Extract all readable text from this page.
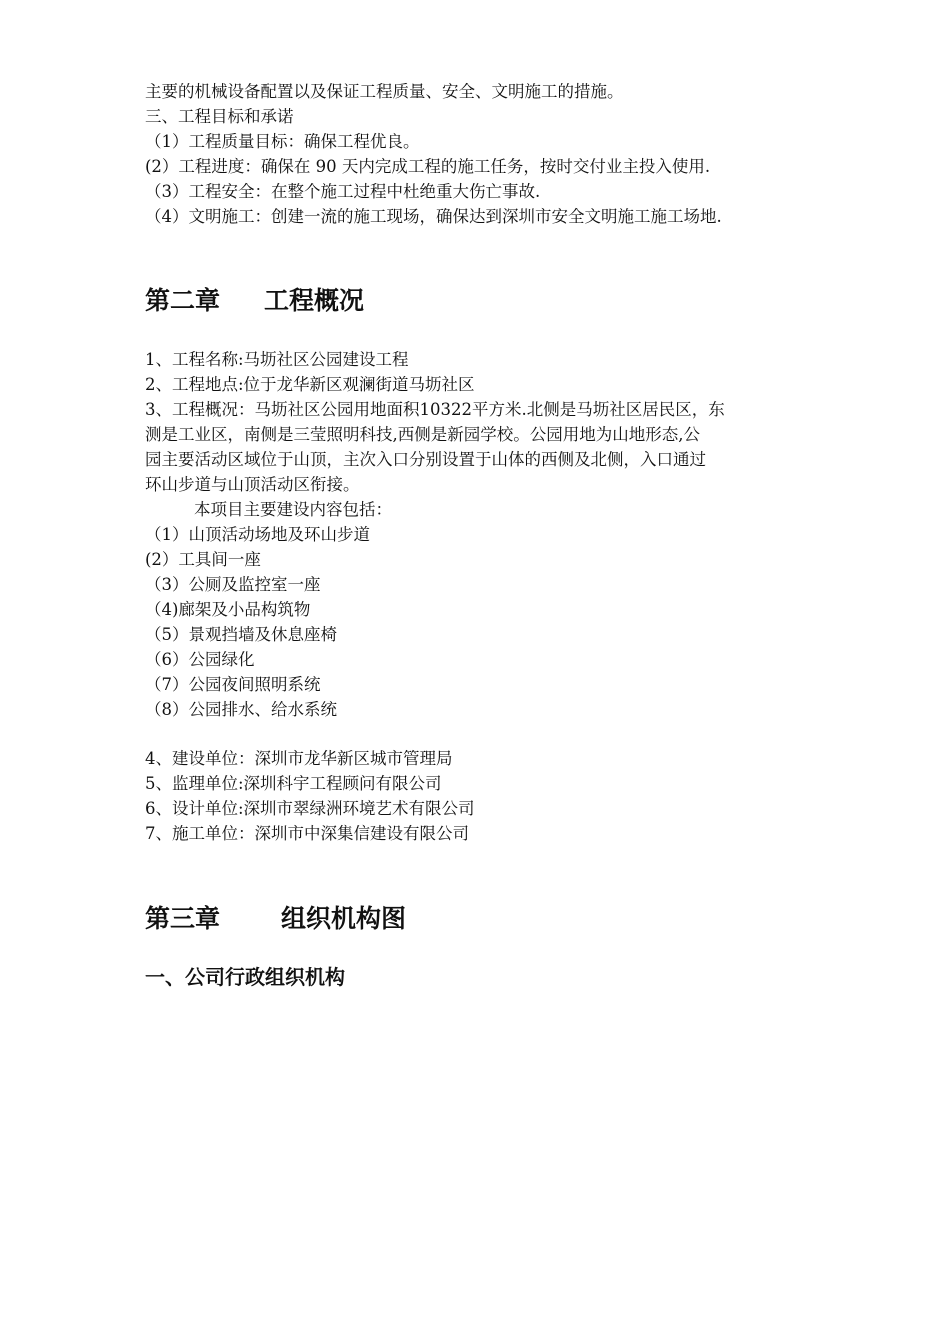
主要的机械设备配置以及保证工程质量、安全、文明施工的措施。
三、工程目标和承诺
（1）工程质量目标：确保工程优良。
(2）工程进度：确保在 90 天内完成工程的施工任务，按时交付业主投入使用.
（3）工程安全：在整个施工过程中杜绝重大伤亡事故.
（4）文明施工：创建一流的施工现场，确保达到深圳市安全文明施工施工场地.
第二章 工程概况
1、工程名称:马坜社区公园建设工程
2、工程地点:位于龙华新区观澜街道马坜社区
3、工程概况：马坜社区公园用地面积10322平方米.北侧是马坜社区居民区，东
测是工业区，南侧是三莹照明科技,西侧是新园学校。公园用地为山地形态,公
园主要活动区域位于山顶，主次入口分别设置于山体的西侧及北侧，入口通过
环山步道与山顶活动区衔接。
本项目主要建设内容包括：
（1）山顶活动场地及环山步道
(2）工具间一座
（3）公厕及监控室一座
（4)廊架及小品构筑物
（5）景观挡墙及休息座椅
（6）公园绿化
（7）公园夜间照明系统
（8）公园排水、给水系统
4、建设单位：深圳市龙华新区城市管理局
5、监理单位:深圳科宇工程顾问有限公司
6、设计单位:深圳市翠绿洲环境艺术有限公司
7、施工单位：深圳市中深集信建设有限公司
第三章 组织机构图
一、公司行政组织机构
